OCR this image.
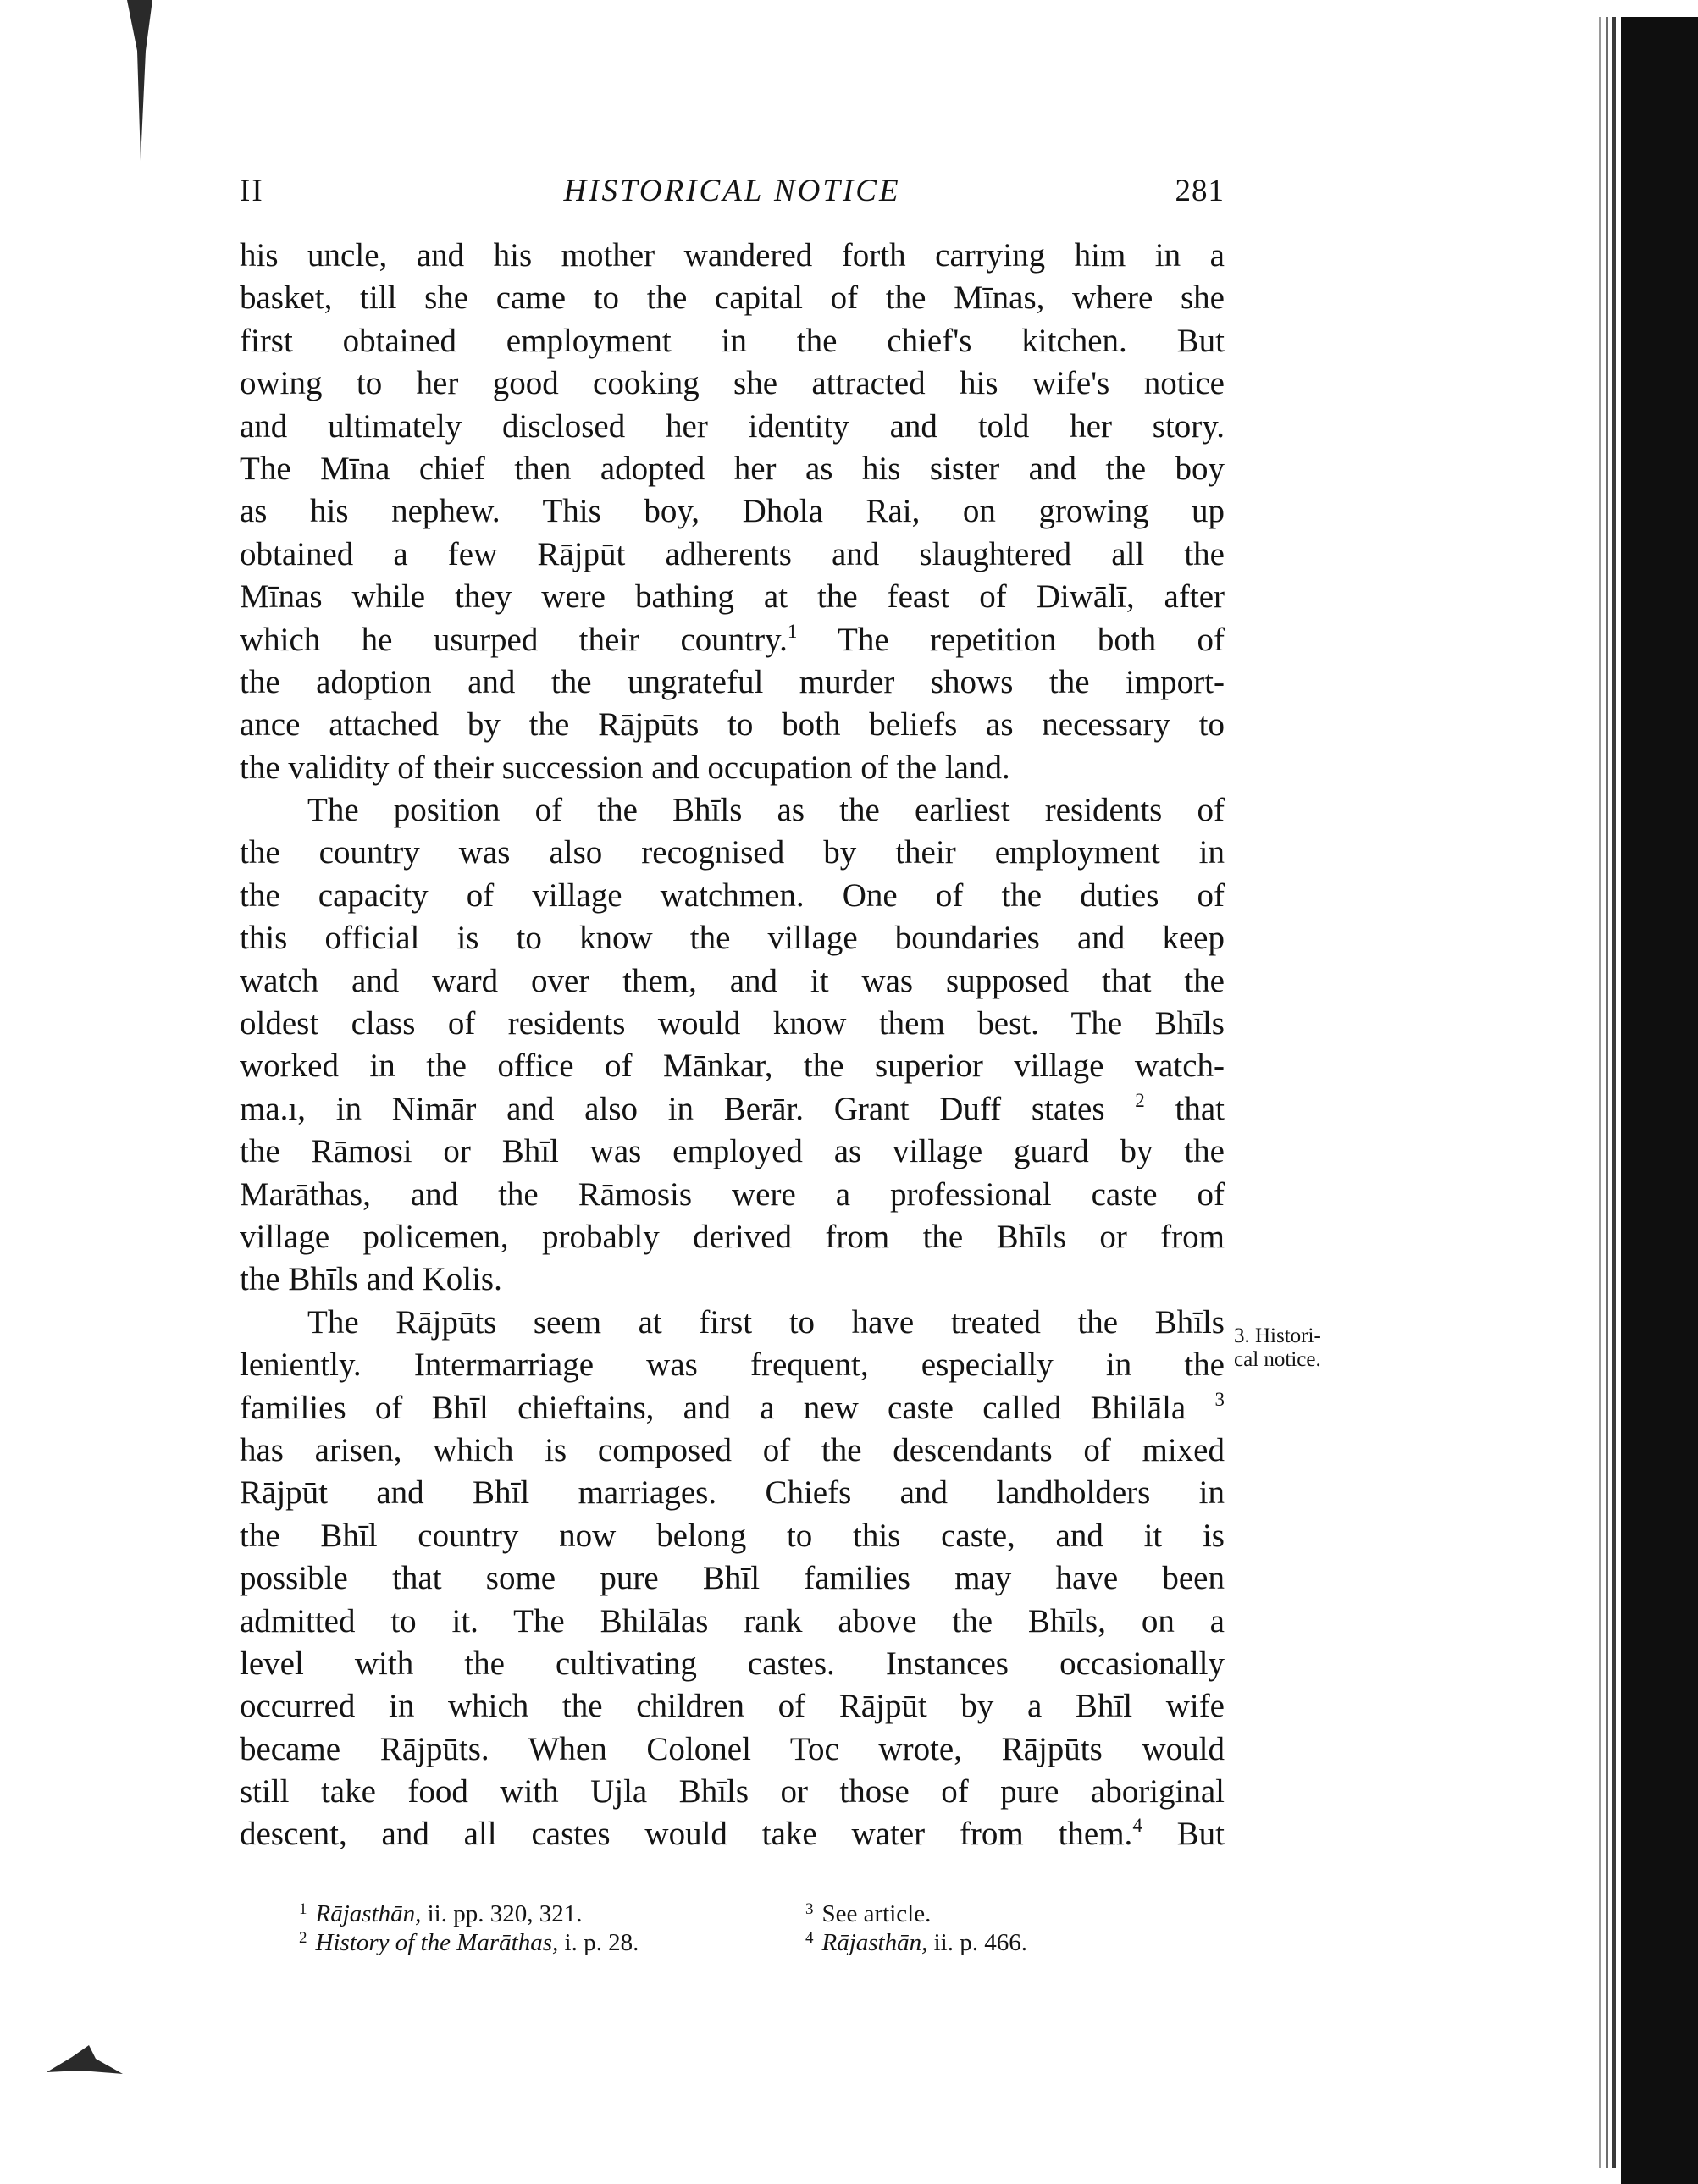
II	HISTORICAL NOTICE	281
his uncle, and his mother wandered forth carrying him in a
basket, till she came to the capital of the Mīnas, where she
first obtained employment in the chief's kitchen. But
owing to her good cooking she attracted his wife's notice
and ultimately disclosed her identity and told her story.
The Mīna chief then adopted her as his sister and the boy
as his nephew. This boy, Dhola Rai, on growing up
obtained a few Rājpūt adherents and slaughtered all the
Mīnas while they were bathing at the feast of Diwālī, after
which he usurped their country.$^1$ The repetition both of
the adoption and the ungrateful murder shows the import-
ance attached by the Rājpūts to both beliefs as necessary to
the validity of their succession and occupation of the land.
The position of the Bhīls as the earliest residents of
the country was also recognised by their employment in
the capacity of village watchmen. One of the duties of
this official is to know the village boundaries and keep
watch and ward over them, and it was supposed that the
oldest class of residents would know them best. The Bhīls
worked in the office of Mānkar, the superior village watch-
ma.ı, in Nimār and also in Berār. Grant Duff states $^2$ that
the Rāmosi or Bhīl was employed as village guard by the
Marāthas, and the Rāmosis were a professional caste of
village policemen, probably derived from the Bhīls or from
the Bhīls and Kolis.
The Rājpūts seem at first to have treated the Bhīls
leniently. Intermarriage was frequent, especially in the
families of Bhīl chieftains, and a new caste called Bhilāla $^3$
has arisen, which is composed of the descendants of mixed
Rājpūt and Bhīl marriages. Chiefs and landholders in
the Bhīl country now belong to this caste, and it is
possible that some pure Bhīl families may have been
admitted to it. The Bhilālas rank above the Bhīls, on a
level with the cultivating castes. Instances occasionally
occurred in which the children of Rājpūt by a Bhīl wife
became Rājpūts. When Colonel Toc wrote, Rājpūts would
still take food with Ujla Bhīls or those of pure aboriginal
descent, and all castes would take water from them.$^4$ But
3. Histori-
cal notice.
$^1$ Rājasthān, ii. pp. 320, 321.
$^2$ History of the Marāthas, i. p. 28.
$^3$ See article.
$^4$ Rājasthān, ii. p. 466.
